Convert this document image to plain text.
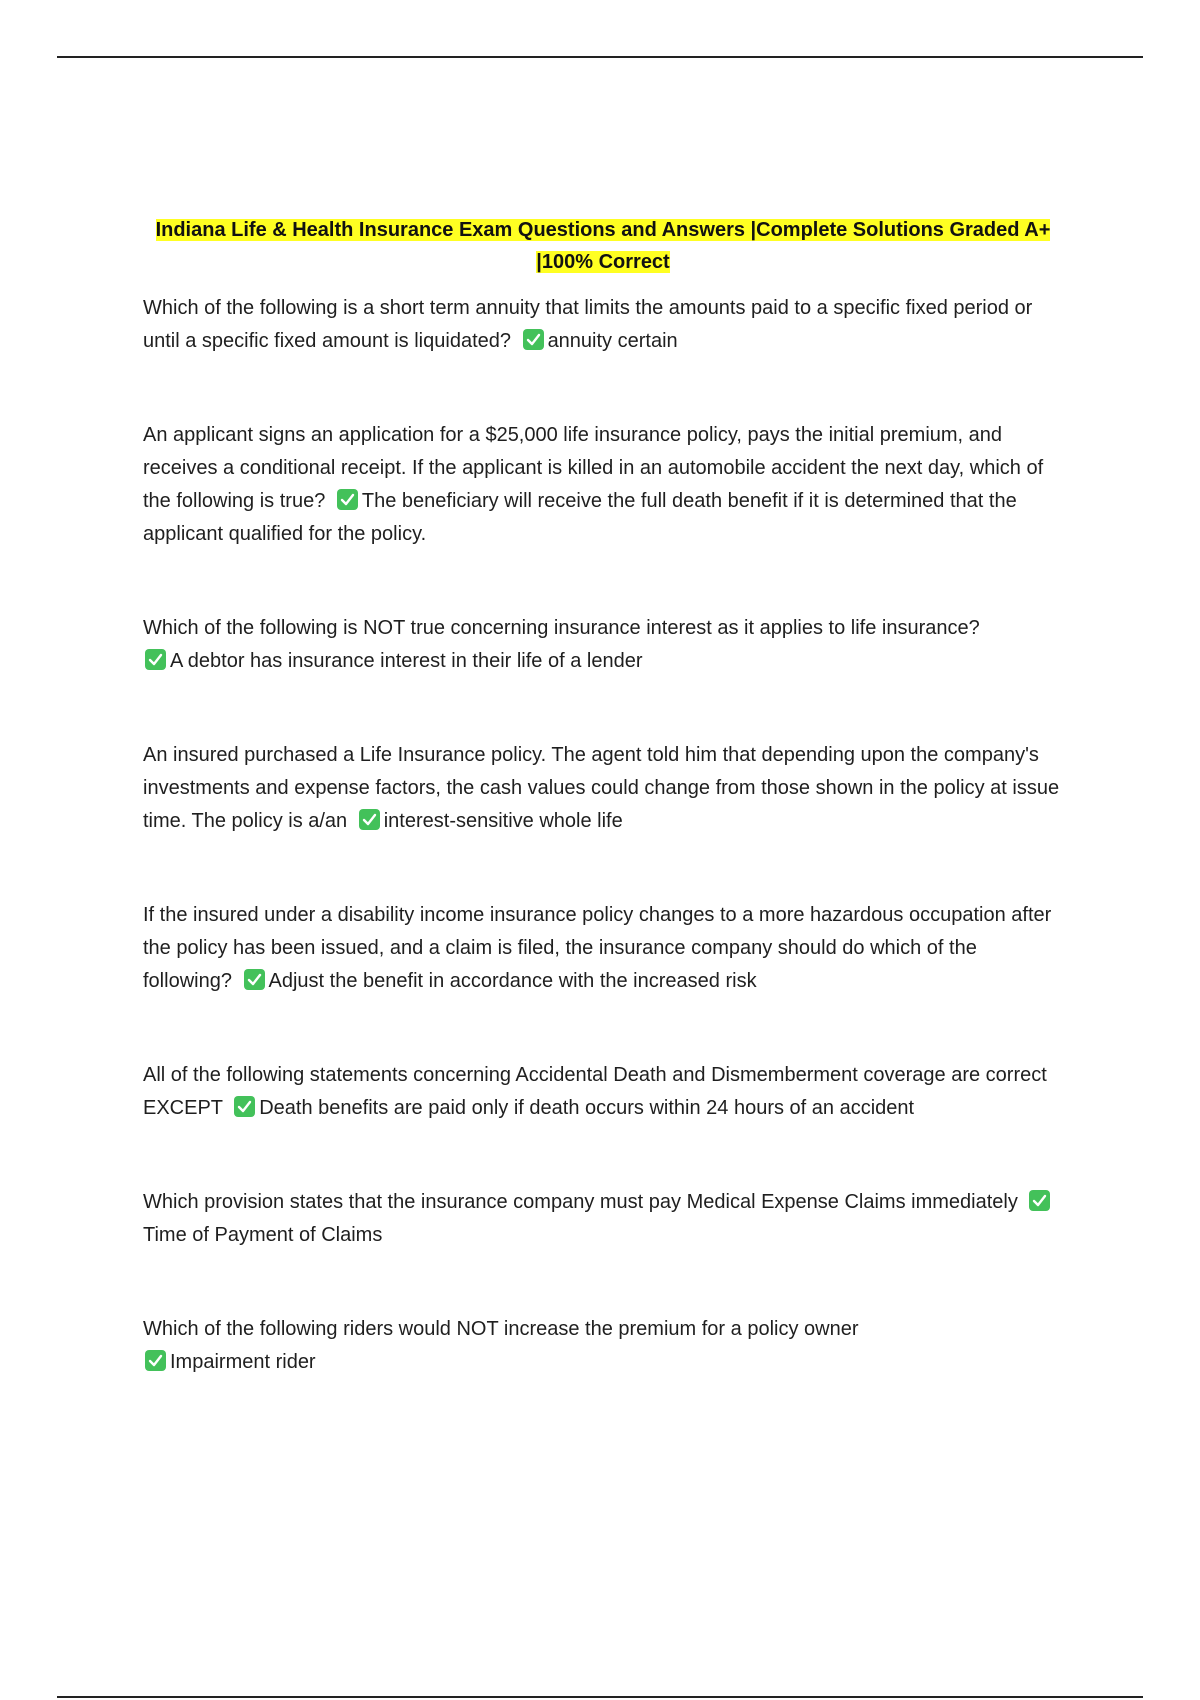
Indiana Life & Health Insurance Exam Questions and Answers |Complete Solutions Graded A+ |100% Correct

Which of the following is a short term annuity that limits the amounts paid to a specific fixed period or until a specific fixed amount is liquidated? annuity certain

An applicant signs an application for a $25,000 life insurance policy, pays the initial premium, and receives a conditional receipt. If the applicant is killed in an automobile accident the next day, which of the following is true? The beneficiary will receive the full death benefit if it is determined that the applicant qualified for the policy.

Which of the following is NOT true concerning insurance interest as it applies to life insurance?

A debtor has insurance interest in their life of a lender

An insured purchased a Life Insurance policy. The agent told him that depending upon the company's investments and expense factors, the cash values could change from those shown in the policy at issue time. The policy is a/an interest-sensitive whole life

If the insured under a disability income insurance policy changes to a more hazardous occupation after the policy has been issued, and a claim is filed, the insurance company should do which of the following? Adjust the benefit in accordance with the increased risk

All of the following statements concerning Accidental Death and Dismemberment coverage are correct EXCEPT Death benefits are paid only if death occurs within 24 hours of an accident

Which provision states that the insurance company must pay Medical Expense Claims immediately
Time of Payment of Claims

Which of the following riders would NOT increase the premium for a policy owner

Impairment rider
